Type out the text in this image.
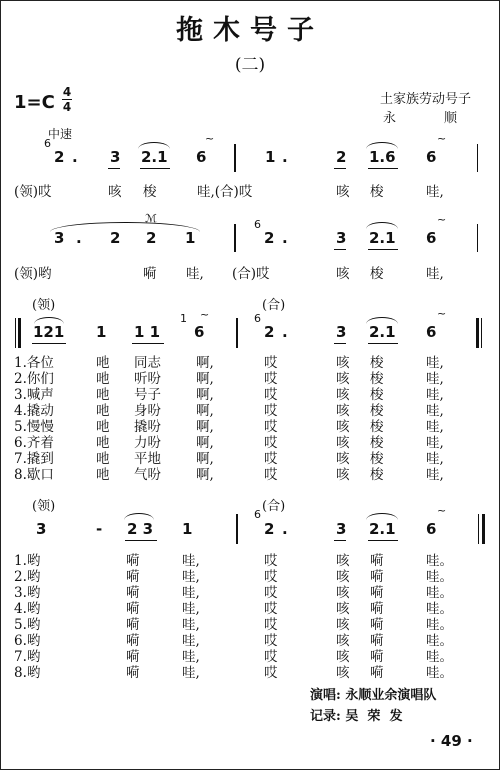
拖木号子
(二)
1=C 4
4	土家族劳动号子
永	顺
中速
6
2 . 3 2.1 6
~
1 .	2 1.6 6
~
(领)哎	咳 梭	哇,(合)哎	咳 梭	哇,
3 . 2
ℳ
2 1
6
2 .	3 2.1 6
~
(领)哟	嗬 哇, (合)哎	咳 梭	哇,
(领)	(合)
121 1 1 1
1
6
~	6
2 .	3 2.1 6
~
1.各位	吔 同志	啊,	哎	咳 梭	哇,
2.你们	吔 听吩	啊,	哎	咳 梭	哇,
3.喊声	吔 号子	啊,	哎	咳 梭	哇,
4.撬动	吔 身吩	啊,	哎	咳 梭	哇,
5.慢慢	吔 撬吩	啊,	哎	咳 梭	哇,
6.齐着	吔 力吩	啊,	哎	咳 梭	哇,
7.撬到	吔 平地	啊,	哎	咳 梭	哇,
8.歇口	吔 气吩	啊,	哎	咳 梭	哇,
(领)	(合)
3	- 2 3 1
6
2 .	3 2.1 6
~
1.哟	嗬	哇,	哎	咳 嗬	哇。
2.哟	嗬	哇,	哎	咳 嗬	哇。
3.哟	嗬	哇,	哎	咳 嗬	哇。
4.哟	嗬	哇,	哎	咳 嗬	哇。
5.哟	嗬	哇,	哎	咳 嗬	哇。
6.哟	嗬	哇,	哎	咳 嗬	哇。
7.哟	嗬	哇,	哎	咳 嗬	哇。
8.哟	嗬	哇,	哎	咳 嗬	哇。
演唱: 永顺业余演唱队
记录: 吴  荣  发
· 49 ·
